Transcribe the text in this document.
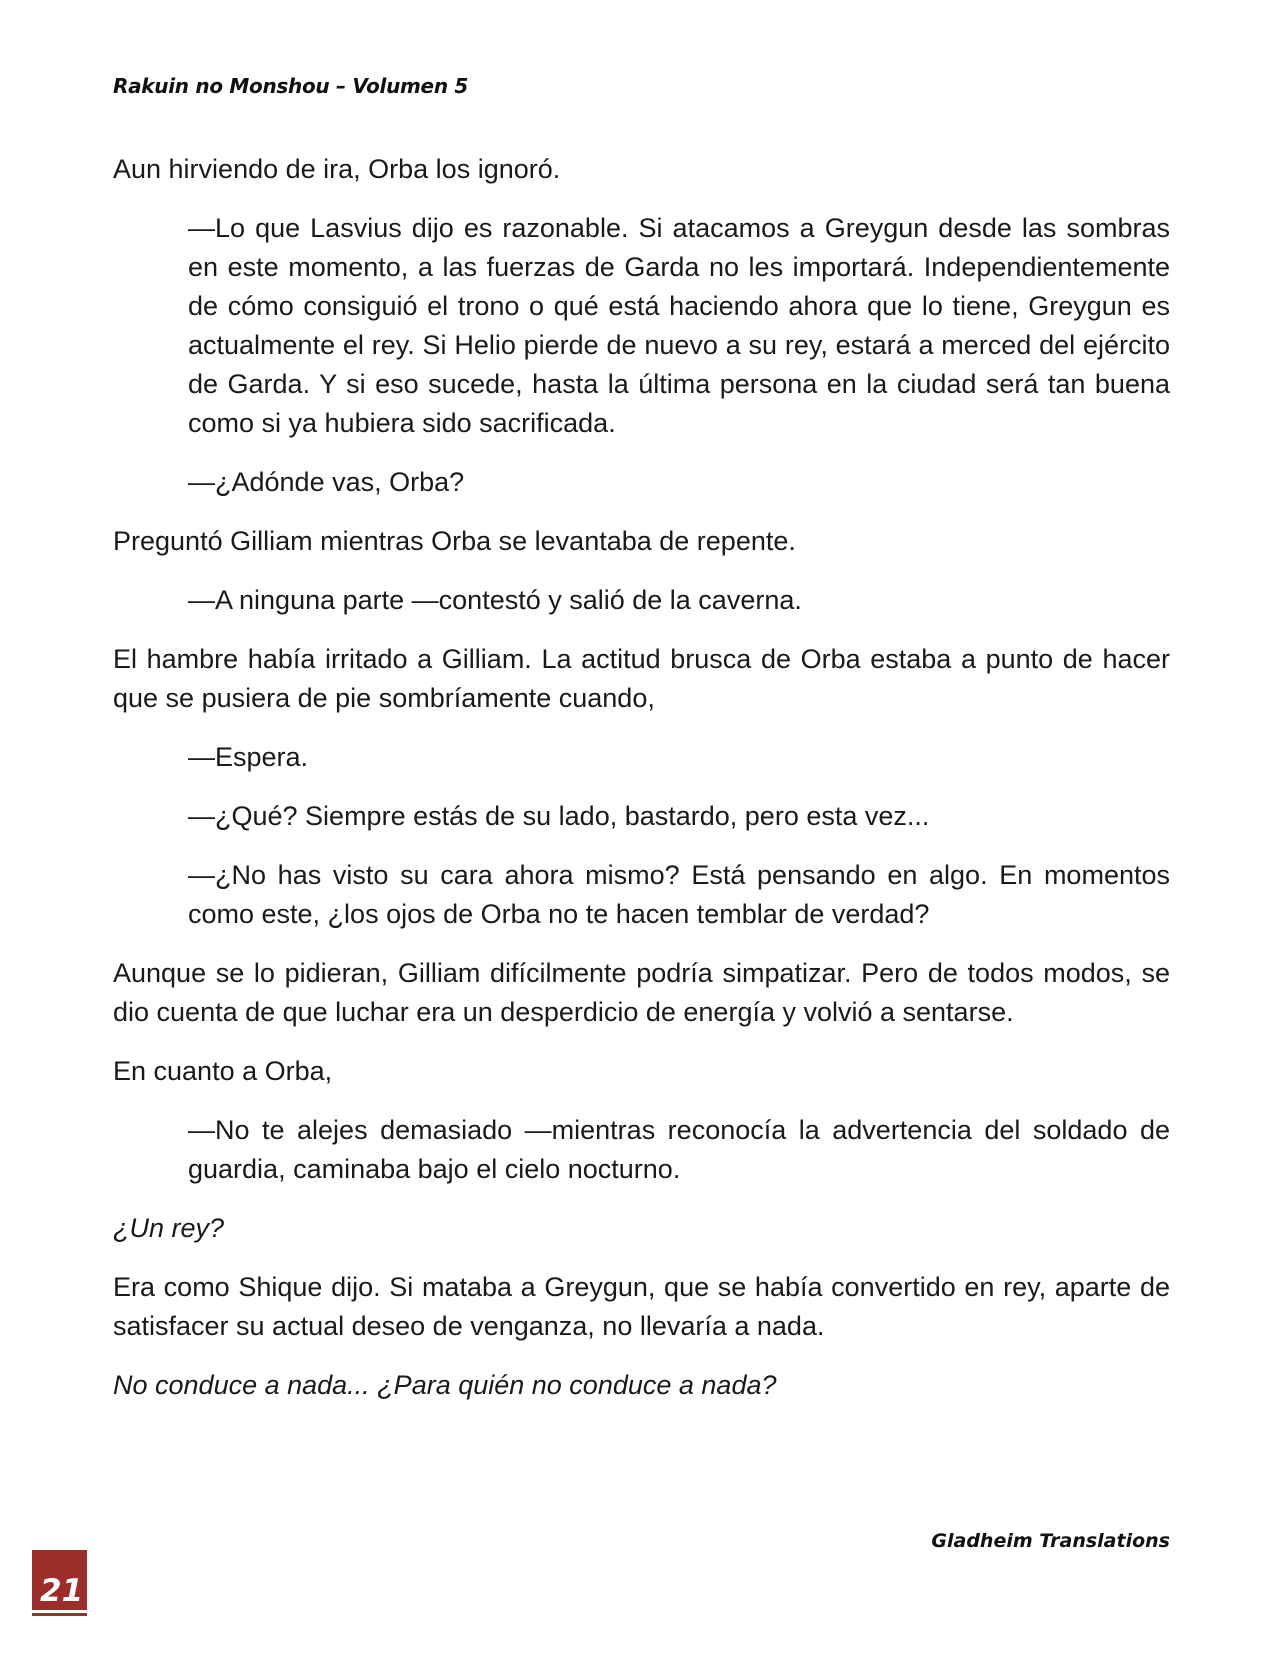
Rakuin no Monshou – Volumen 5

Aun hirviendo de ira, Orba los ignoró.

—Lo que Lasvius dijo es razonable. Si atacamos a Greygun desde las sombras en este momento, a las fuerzas de Garda no les importará. Independientemente de cómo consiguió el trono o qué está haciendo ahora que lo tiene, Greygun es actualmente el rey. Si Helio pierde de nuevo a su rey, estará a merced del ejército de Garda. Y si eso sucede, hasta la última persona en la ciudad será tan buena como si ya hubiera sido sacrificada.

—¿Adónde vas, Orba?

Preguntó Gilliam mientras Orba se levantaba de repente.

—A ninguna parte —contestó y salió de la caverna.

El hambre había irritado a Gilliam. La actitud brusca de Orba estaba a punto de hacer que se pusiera de pie sombríamente cuando,

—Espera.

—¿Qué? Siempre estás de su lado, bastardo, pero esta vez...

—¿No has visto su cara ahora mismo? Está pensando en algo. En momentos como este, ¿los ojos de Orba no te hacen temblar de verdad?

Aunque se lo pidieran, Gilliam difícilmente podría simpatizar. Pero de todos modos, se dio cuenta de que luchar era un desperdicio de energía y volvió a sentarse.

En cuanto a Orba,

—No te alejes demasiado —mientras reconocía la advertencia del soldado de guardia, caminaba bajo el cielo nocturno.

¿Un rey?

Era como Shique dijo. Si mataba a Greygun, que se había convertido en rey, aparte de satisfacer su actual deseo de venganza, no llevaría a nada.

No conduce a nada... ¿Para quién no conduce a nada?

Gladheim Translations
21
